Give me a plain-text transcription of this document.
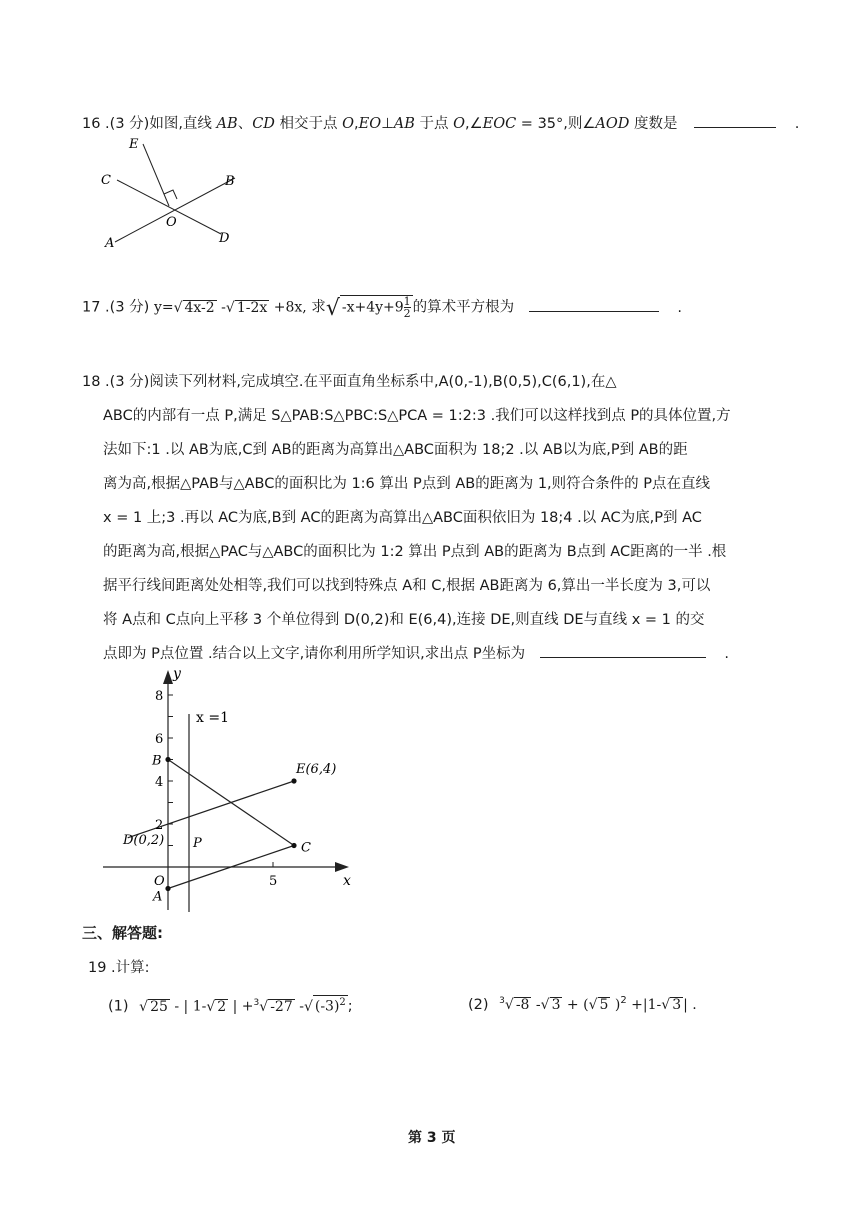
16 .(3 分)如图,直线 AB、CD 相交于点 O,EO⊥AB 于点 O,∠EOC = 35°,则∠AOD 度数是	.
E
C	B
O
A	D
17 .(3 分) y=√ 4x-2 -√ 1-2x +8x, 求√ $-x+4y+9 \frac{1}{2}$ 的算术平方根为	.
18 .(3 分)阅读下列材料,完成填空.在平面直角坐标系中,A(0,-1),B(0,5),C(6,1),在△
ABC的内部有一点 P,满足 S△PAB:S△PBC:S△PCA = 1:2:3 .我们可以这样找到点 P的具体位置,方
法如下:1 .以 AB为底,C到 AB的距离为高算出△ABC面积为 18;2 .以 AB以为底,P到 AB的距
离为高,根据△PAB与△ABC的面积比为 1:6 算出 P点到 AB的距离为 1,则符合条件的 P点在直线
x = 1 上;3 .再以 AC为底,B到 AC的距离为高算出△ABC面积依旧为 18;4 .以 AC为底,P到 AC
的距离为高,根据△PAC与△ABC的面积比为 1:2 算出 P点到 AB的距离为 B点到 AC距离的一半 .根
据平行线间距离处处相等,我们可以找到特殊点 A和 C,根据 AB距离为 6,算出一半长度为 3,可以
将 A点和 C点向上平移 3 个单位得到 D(0,2)和 E(6,4),连接 DE,则直线 DE与直线 x = 1 的交
点即为 P点位置 .结合以上文字,请你利用所学知识,求出点 P坐标为	.
y
x
x =1
8
6
4
2
5
O
B
E(6,4)
D(0,2) P	C
A
三、解答题:
19 .计算:
(1) √ 25 - | 1-√ 2 | +$^3$√ -27 -√ $(-3)^2$ ;	(2) $^3$√ -8 -√ 3 + (√ 5 )$^2$ +|1-√ 3 | .
第 3 页
